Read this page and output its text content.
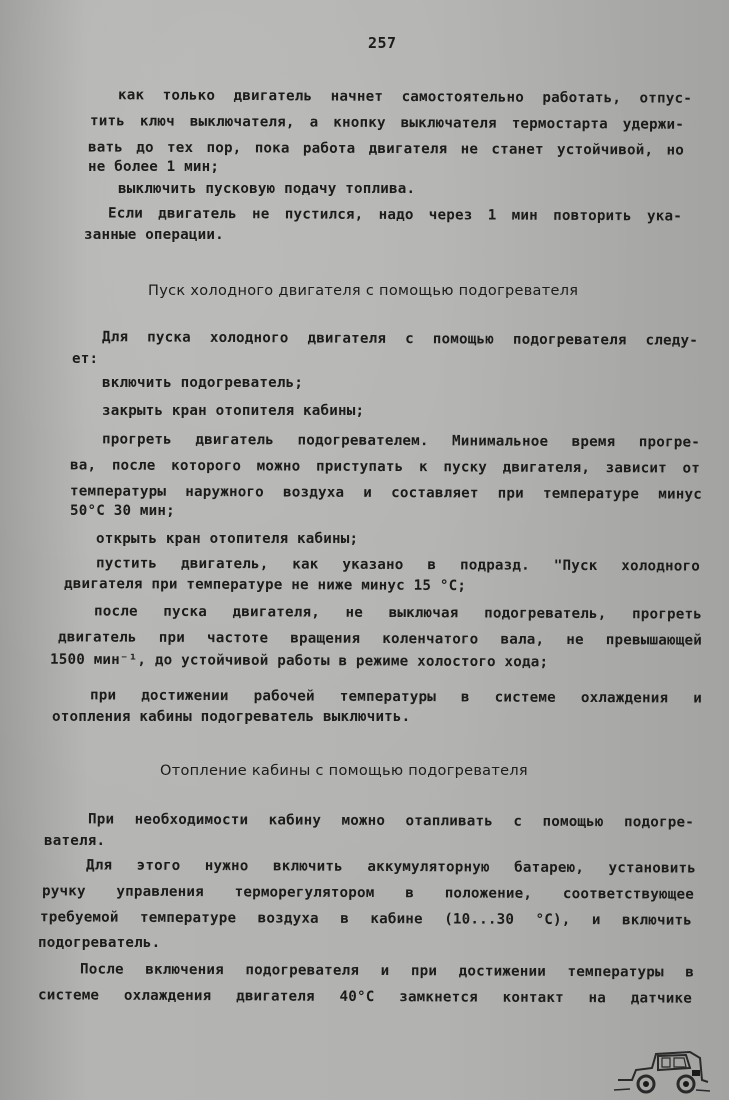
257
как только двигатель начнет самостоятельно работать, отпус-
тить ключ выключателя, а кнопку выключателя термостарта удержи-
вать до тех пор, пока работа двигателя не станет устойчивой, но
не более 1 мин;
выключить пусковую подачу топлива.
Если двигатель не пустился, надо через 1 мин повторить ука-
занные операции.
Пуск холодного двигателя с помощью подогревателя
Для пуска холодного двигателя с помощью подогревателя следу-
ет:
включить подогреватель;
закрыть кран отопителя кабины;
прогреть двигатель подогревателем. Минимальное время прогре-
ва, после которого можно приступать к пуску двигателя, зависит от
температуры наружного воздуха и составляет при температуре минус
50°С 30 мин;
открыть кран отопителя кабины;
пустить двигатель, как указано в подразд. "Пуск холодного
двигателя при температуре не ниже минус 15 °С;
после пуска двигателя, не выключая подогреватель, прогреть
двигатель при частоте вращения коленчатого вала, не превышающей
1500 мин⁻¹, до устойчивой работы в режиме холостого хода;
при достижении рабочей температуры в системе охлаждения и
отопления кабины подогреватель выключить.
Отопление кабины с помощью подогревателя
При необходимости кабину можно отапливать с помощью подогре-
вателя.
Для этого нужно включить аккумуляторную батарею, установить
ручку управления терморегулятором в положение, соответствующее
требуемой температуре воздуха в кабине (10...30 °С), и включить
подогреватель.
После включения подогревателя и при достижении температуры в
системе охлаждения двигателя 40°С замкнется контакт на датчике
